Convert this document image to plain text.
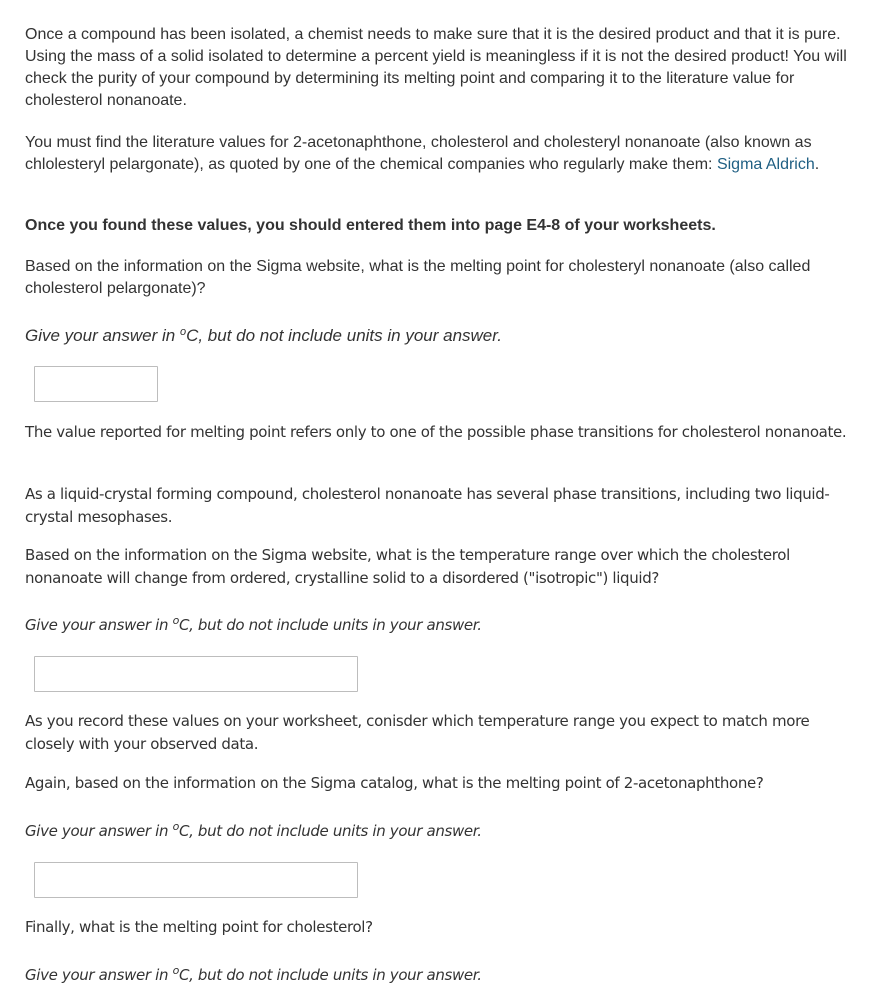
Once a compound has been isolated, a chemist needs to make sure that it is the desired product and that it is pure. Using the mass of a solid isolated to determine a percent yield is meaningless if it is not the desired product! You will check the purity of your compound by determining its melting point and comparing it to the literature value for cholesterol nonanoate.

You must find the literature values for 2-acetonaphthone, cholesterol and cholesteryl nonanoate (also known as chlolesteryl pelargonate), as quoted by one of the chemical companies who regularly make them: Sigma Aldrich.

Once you found these values, you should entered them into page E4-8 of your worksheets.

Based on the information on the Sigma website, what is the melting point for cholesteryl nonanoate (also called cholesterol pelargonate)?

Give your answer in $^o$C, but do not include units in your answer.

The value reported for melting point refers only to one of the possible phase transitions for cholesterol nonanoate.

As a liquid-crystal forming compound, cholesterol nonanoate has several phase transitions, including two liquid-crystal mesophases.

Based on the information on the Sigma website, what is the temperature range over which the cholesterol nonanoate will change from ordered, crystalline solid to a disordered ("isotropic") liquid?

Give your answer in $^o$C, but do not include units in your answer.

As you record these values on your worksheet, conisder which temperature range you expect to match more closely with your observed data.

Again, based on the information on the Sigma catalog, what is the melting point of 2-acetonaphthone?

Give your answer in $^o$C, but do not include units in your answer.

Finally, what is the melting point for cholesterol?

Give your answer in $^o$C, but do not include units in your answer.
